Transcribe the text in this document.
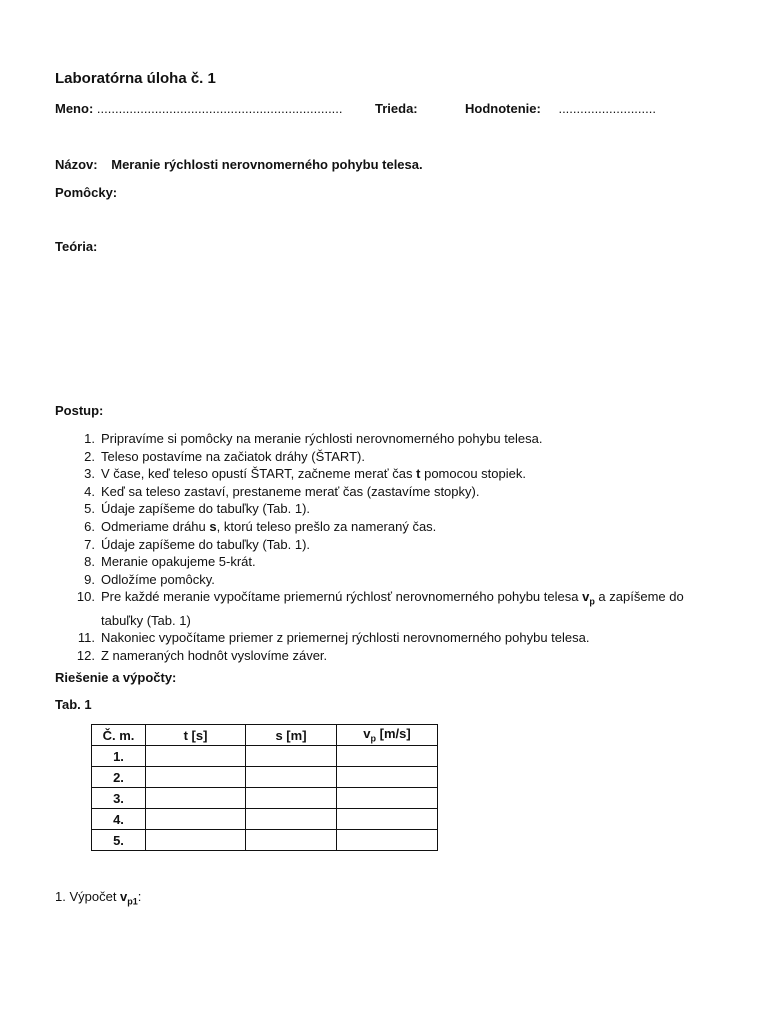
Laboratórna úloha č. 1
Meno: .................................................................... Trieda:	Hodnotenie: ...........................
Názov: Meranie rýchlosti nerovnomerného pohybu telesa.
Pomôcky:
Teória:
Postup:
1. Pripravíme si pomôcky na meranie rýchlosti nerovnomerného pohybu telesa.
2. Teleso postavíme na začiatok dráhy (ŠTART).
3. V čase, keď teleso opustí ŠTART, začneme merať čas t pomocou stopiek.
4. Keď sa teleso zastaví, prestaneme merať čas (zastavíme stopky).
5. Údaje zapíšeme do tabuľky (Tab. 1).
6. Odmeriame dráhu s, ktorú teleso prešlo za nameraný čas.
7. Údaje zapíšeme do tabuľky (Tab. 1).
8. Meranie opakujeme 5-krát.
9. Odložíme pomôcky.
10. Pre každé meranie vypočítame priemernú rýchlosť nerovnomerného pohybu telesa $v_p$ a zapíšeme do
tabuľky (Tab. 1)
11. Nakoniec vypočítame priemer z priemernej rýchlosti nerovnomerného pohybu telesa.
12. Z nameraných hodnôt vyslovíme záver.
Riešenie a výpočty:
Tab. 1
Č. m.	t [s]	s [m]	$v_p$ [m/s]
1.			
2.			
3.			
4.			
5.			
1. Výpočet $v_{p1}$:
